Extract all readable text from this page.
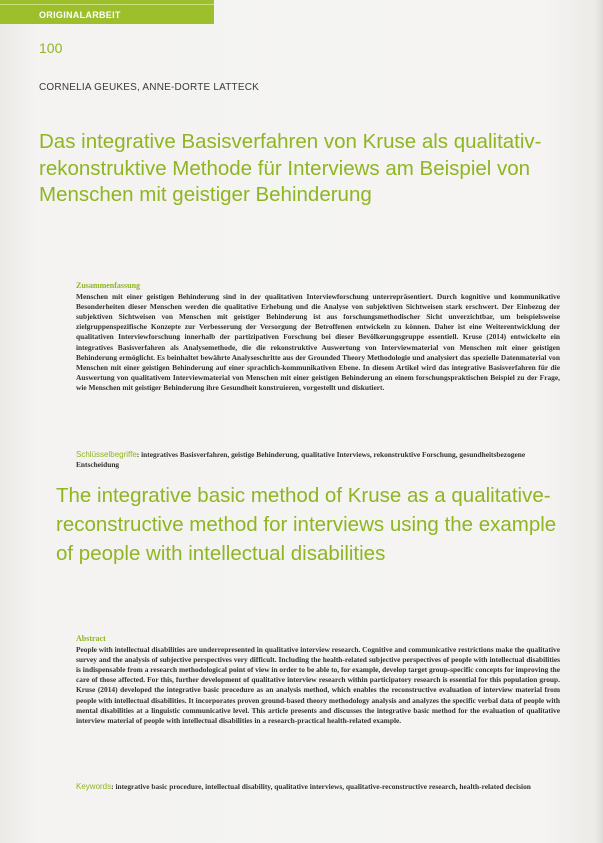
ORIGINALARBEIT
100
CORNELIA GEUKES, ANNE-DORTE LATTECK
Das integrative Basisverfahren von Kruse als qualitativ-rekonstruktive Methode für Interviews am Beispiel von Menschen mit geistiger Behinderung
Zusammenfassung
Menschen mit einer geistigen Behinderung sind in der qualitativen Interviewforschung unterrepräsentiert. Durch kognitive und kommunikative Besonderheiten dieser Menschen werden die qualitative Erhebung und die Analyse von subjektiven Sichtweisen stark erschwert. Der Einbezug der subjektiven Sichtweisen von Menschen mit geistiger Behinderung ist aus forschungsmethodischer Sicht unverzichtbar, um beispielsweise zielgruppenspezifische Konzepte zur Verbesserung der Versorgung der Betroffenen entwickeln zu können. Daher ist eine Weiterentwicklung der qualitativen Interviewforschung innerhalb der partizipativen Forschung bei dieser Bevölkerungsgruppe essentiell. Kruse (2014) entwickelte ein integratives Basisverfahren als Analysemethode, die die rekonstruktive Auswertung von Interviewmaterial von Menschen mit einer geistigen Behinderung ermöglicht. Es beinhaltet bewährte Analyseschritte aus der Grounded Theory Methodologie und analysiert das spezielle Datenmaterial von Menschen mit einer geistigen Behinderung auf einer sprachlich-kommunikativen Ebene. In diesem Artikel wird das integrative Basisverfahren für die Auswertung von qualitativem Interviewmaterial von Menschen mit einer geistigen Behinderung an einem forschungspraktischen Beispiel zu der Frage, wie Menschen mit geistiger Behinderung ihre Gesundheit konstruieren, vorgestellt und diskutiert.
Schlüsselbegriffe: integratives Basisverfahren, geistige Behinderung, qualitative Interviews, rekonstruktive Forschung, gesundheitsbezogene Entscheidung
The integrative basic method of Kruse as a qualitative-reconstructive method for interviews using the example of people with intellectual disabilities
Abstract
People with intellectual disabilities are underrepresented in qualitative interview research. Cognitive and communicative restrictions make the qualitative survey and the analysis of subjective perspectives very difficult. Including the health-related subjective perspectives of people with intellectual disabilities is indispensable from a research methodological point of view in order to be able to, for example, develop target group-specific concepts for improving the care of those affected. For this, further development of qualitative interview research within participatory research is essential for this population group. Kruse (2014) developed the integrative basic procedure as an analysis method, which enables the reconstructive evaluation of interview material from people with intellectual disabilities. It incorporates proven ground-based theory methodology analysis and analyzes the specific verbal data of people with mental disabilities at a linguistic communicative level. This article presents and discusses the integrative basic method for the evaluation of qualitative interview material of people with intellectual disabilities in a research-practical health-related example.
Keywords: integrative basic procedure, intellectual disability, qualitative interviews, qualitative-reconstructive research, health-related decision
